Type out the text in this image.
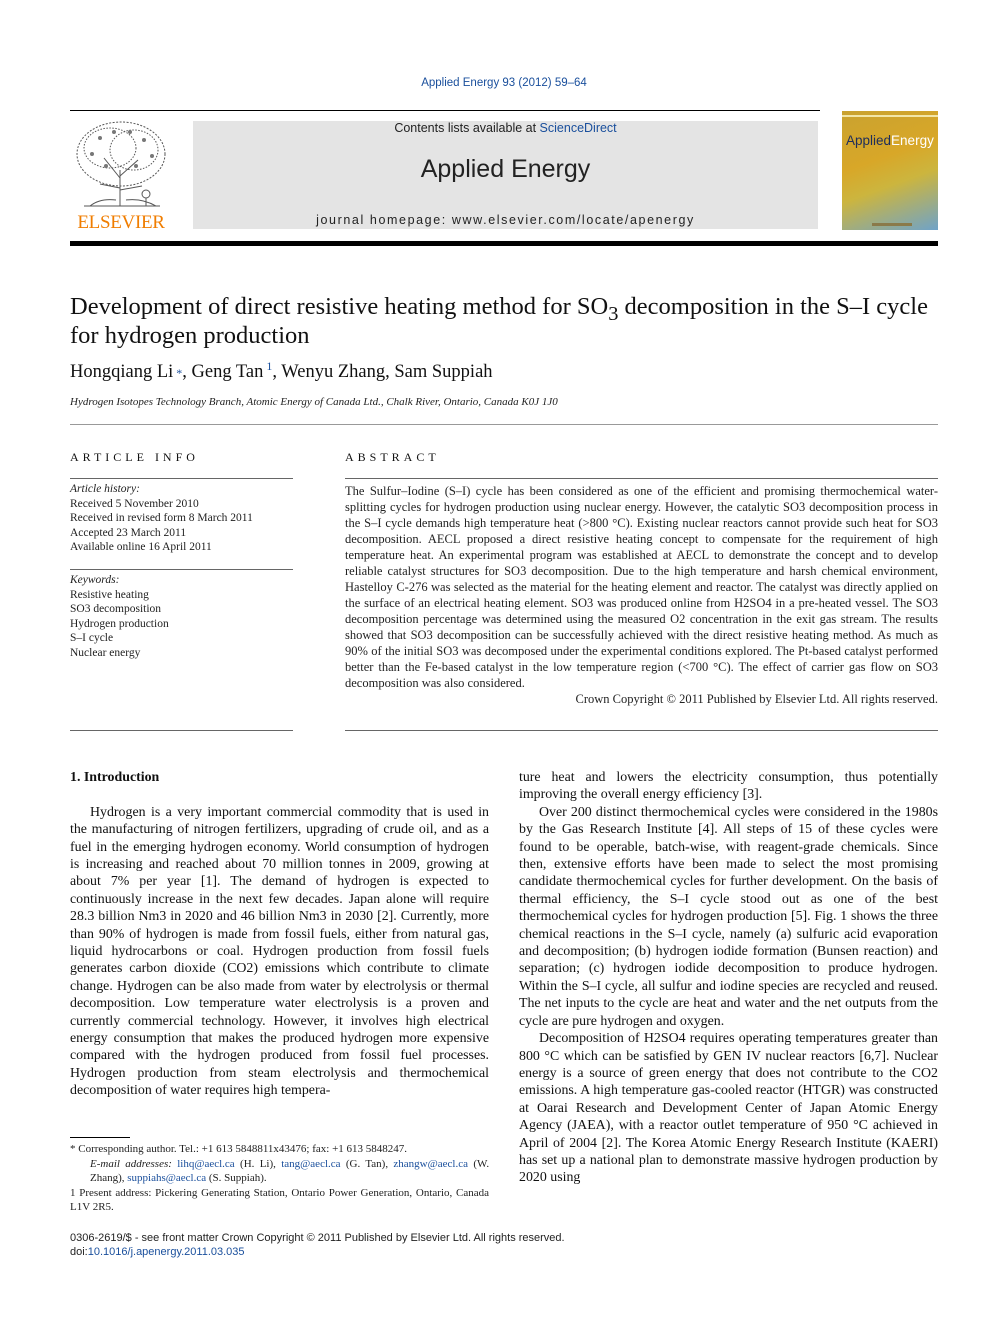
Applied Energy 93 (2012) 59–64
ELSEVIER
Contents lists available at ScienceDirect
Applied Energy
journal homepage: www.elsevier.com/locate/apenergy
AppliedEnergy
Development of direct resistive heating method for $SO_3$ decomposition in the S–I cycle for hydrogen production
Hongqiang Li *, Geng Tan $^1$, Wenyu Zhang, Sam Suppiah
Hydrogen Isotopes Technology Branch, Atomic Energy of Canada Ltd., Chalk River, Ontario, Canada K0J 1J0
ARTICLE INFO
Article history:
Received 5 November 2010
Received in revised form 8 March 2011
Accepted 23 March 2011
Available online 16 April 2011
Keywords:
Resistive heating
SO3 decomposition
Hydrogen production
S–I cycle
Nuclear energy
ABSTRACT

The Sulfur–Iodine (S–I) cycle has been considered as one of the efficient and promising thermochemical water-splitting cycles for hydrogen production using nuclear energy. However, the catalytic SO3 decomposition process in the S–I cycle demands high temperature heat (>800 °C). Existing nuclear reactors cannot provide such heat for SO3 decomposition. AECL proposed a direct resistive heating concept to compensate for the requirement of high temperature heat. An experimental program was established at AECL to demonstrate the concept and to develop reliable catalyst structures for SO3 decomposition. Due to the high temperature and harsh chemical environment, Hastelloy C-276 was selected as the material for the heating element and reactor. The catalyst was directly applied on the surface of an electrical heating element. SO3 was produced online from H2SO4 in a pre-heated vessel. The SO3 decomposition percentage was determined using the measured O2 concentration in the exit gas stream. The results showed that SO3 decomposition can be successfully achieved with the direct resistive heating method. As much as 90% of the initial SO3 was decomposed under the experimental conditions explored. The Pt-based catalyst performed better than the Fe-based catalyst in the low temperature region (<700 °C). The effect of carrier gas flow on SO3 decomposition was also considered.

Crown Copyright © 2011 Published by Elsevier Ltd. All rights reserved.

1. Introduction

Hydrogen is a very important commercial commodity that is used in the manufacturing of nitrogen fertilizers, upgrading of crude oil, and as a fuel in the emerging hydrogen economy. World consumption of hydrogen is increasing and reached about 70 million tonnes in 2009, growing at about 7% per year [1]. The demand of hydrogen is expected to continuously increase in the next few decades. Japan alone will require 28.3 billion Nm3 in 2020 and 46 billion Nm3 in 2030 [2]. Currently, more than 90% of hydrogen is made from fossil fuels, either from natural gas, liquid hydrocarbons or coal. Hydrogen production from fossil fuels generates carbon dioxide (CO2) emissions which contribute to climate change. Hydrogen can be also made from water by electrolysis or thermal decomposition. Low temperature water electrolysis is a proven and currently commercial technology. However, it involves high electrical energy consumption that makes the produced hydrogen more expensive compared with the hydrogen produced from fossil fuel processes. Hydrogen production from steam electrolysis and thermochemical decomposition of water requires high tempera-

ture heat and lowers the electricity consumption, thus potentially improving the overall energy efficiency [3].

Over 200 distinct thermochemical cycles were considered in the 1980s by the Gas Research Institute [4]. All steps of 15 of these cycles were found to be operable, batch-wise, with reagent-grade chemicals. Since then, extensive efforts have been made to select the most promising candidate thermochemical cycles for further development. On the basis of thermal efficiency, the S–I cycle stood out as one of the best thermochemical cycles for hydrogen production [5]. Fig. 1 shows the three chemical reactions in the S–I cycle, namely (a) sulfuric acid evaporation and decomposition; (b) hydrogen iodide formation (Bunsen reaction) and separation; (c) hydrogen iodide decomposition to produce hydrogen. Within the S–I cycle, all sulfur and iodine species are recycled and reused. The net inputs to the cycle are heat and water and the net outputs from the cycle are pure hydrogen and oxygen.

Decomposition of H2SO4 requires operating temperatures greater than 800 °C which can be satisfied by GEN IV nuclear reactors [6,7]. Nuclear energy is a source of green energy that does not contribute to the CO2 emissions. A high temperature gas-cooled reactor (HTGR) was constructed at Oarai Research and Development Center of Japan Atomic Energy Agency (JAEA), with a reactor outlet temperature of 950 °C achieved in April of 2004 [2]. The Korea Atomic Energy Research Institute (KAERI) has set up a national plan to demonstrate massive hydrogen production by 2020 using

* Corresponding author. Tel.: +1 613 5848811x43476; fax: +1 613 5848247.

E-mail addresses: lihq@aecl.ca (H. Li), tang@aecl.ca (G. Tan), zhangw@aecl.ca (W. Zhang), suppiahs@aecl.ca (S. Suppiah).

1 Present address: Pickering Generating Station, Ontario Power Generation, Ontario, Canada L1V 2R5.

0306-2619/$ - see front matter Crown Copyright © 2011 Published by Elsevier Ltd. All rights reserved.
doi:10.1016/j.apenergy.2011.03.035
